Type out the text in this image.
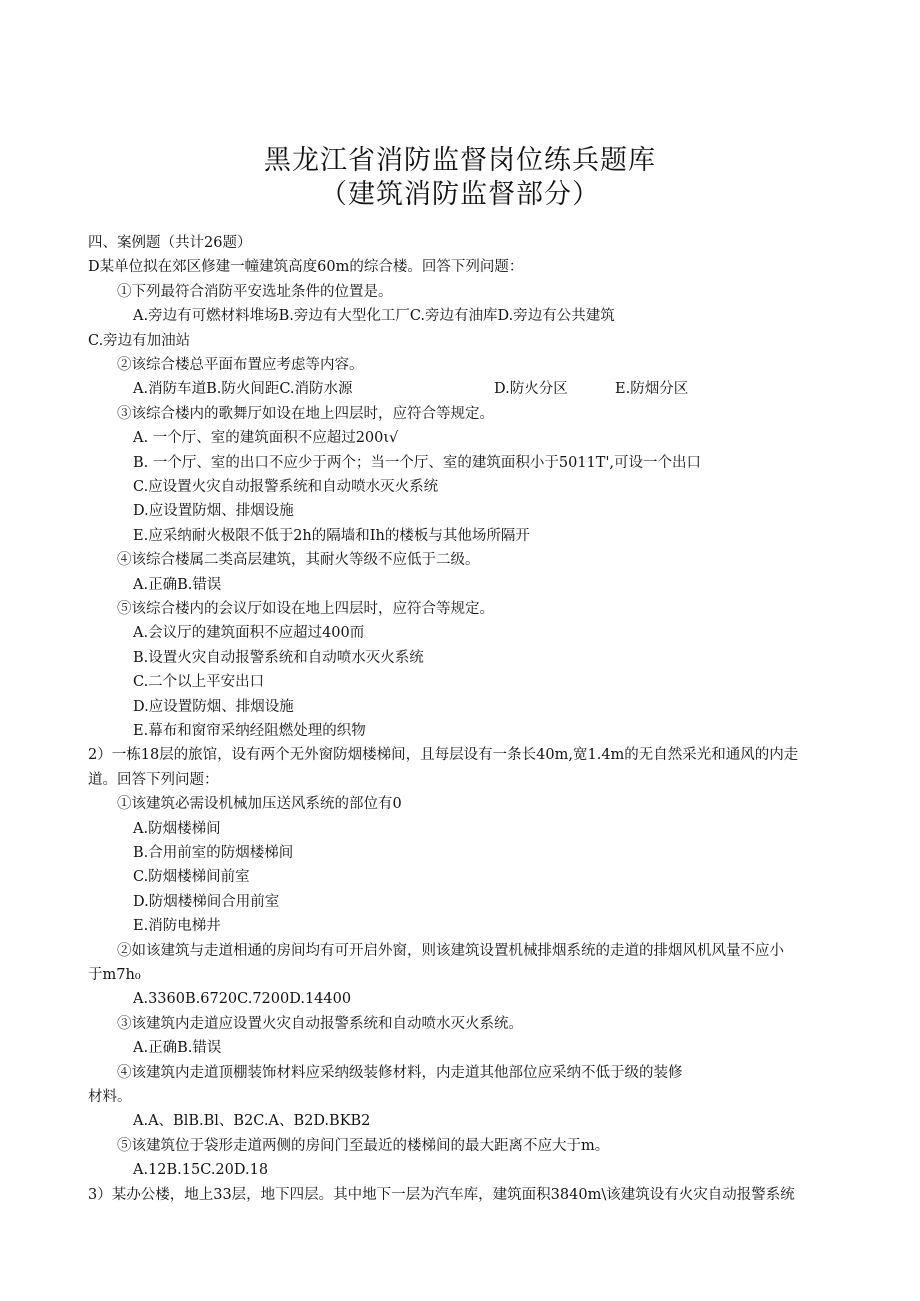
黑龙江省消防监督岗位练兵题库
（建筑消防监督部分）
四、案例题（共计26题）
D某单位拟在郊区修建一幢建筑高度60m的综合楼。回答下列问题：
①下列最符合消防平安选址条件的位置是。
A.旁边有可燃材料堆场B.旁边有大型化工厂C.旁边有油库D.旁边有公共建筑
C.旁边有加油站
②该综合楼总平面布置应考虑等内容。
A.消防车道B.防火间距C.消防水源	D.防火分区	E.防烟分区
③该综合楼内的歌舞厅如设在地上四层时，应符合等规定。
A. 一个厅、室的建筑面积不应超过200ι√
B. 一个厅、室的出口不应少于两个；当一个厅、室的建筑面积小于5011T',可设一个出口
C.应设置火灾自动报警系统和自动喷水灭火系统
D.应设置防烟、排烟设施
E.应采纳耐火极限不低于2h的隔墙和Ih的楼板与其他场所隔开
④该综合楼属二类高层建筑，其耐火等级不应低于二级。
A.正确B.错误
⑤该综合楼内的会议厅如设在地上四层时，应符合等规定。
A.会议厅的建筑面积不应超过400而
B.设置火灾自动报警系统和自动喷水灭火系统
C.二个以上平安出口
D.应设置防烟、排烟设施
E.幕布和窗帘采纳经阻燃处理的织物
2）一栋18层的旅馆，设有两个无外窗防烟楼梯间，且每层设有一条长40m,宽1.4m的无自然采光和通风的内走
道。回答下列问题：
①该建筑必需设机械加压送风系统的部位有0
A.防烟楼梯间
B.合用前室的防烟楼梯间
C.防烟楼梯间前室
D.防烟楼梯间合用前室
E.消防电梯井
②如该建筑与走道相通的房间均有可开启外窗，则该建筑设置机械排烟系统的走道的排烟风机风量不应小
于m7h₀
A.3360B.6720C.7200D.14400
③该建筑内走道应设置火灾自动报警系统和自动喷水灭火系统。
A.正确B.错误
④该建筑内走道顶棚装饰材料应采纳级装修材料，内走道其他部位应采纳不低于级的装修
材料。
A.A、BlB.Bl、B2C.A、B2D.BKB2
⑤该建筑位于袋形走道两侧的房间门至最近的楼梯间的最大距离不应大于m。
A.12B.15C.20D.18
3）某办公楼，地上33层，地下四层。其中地下一层为汽车库，建筑面积3840m\该建筑设有火灾自动报警系统
